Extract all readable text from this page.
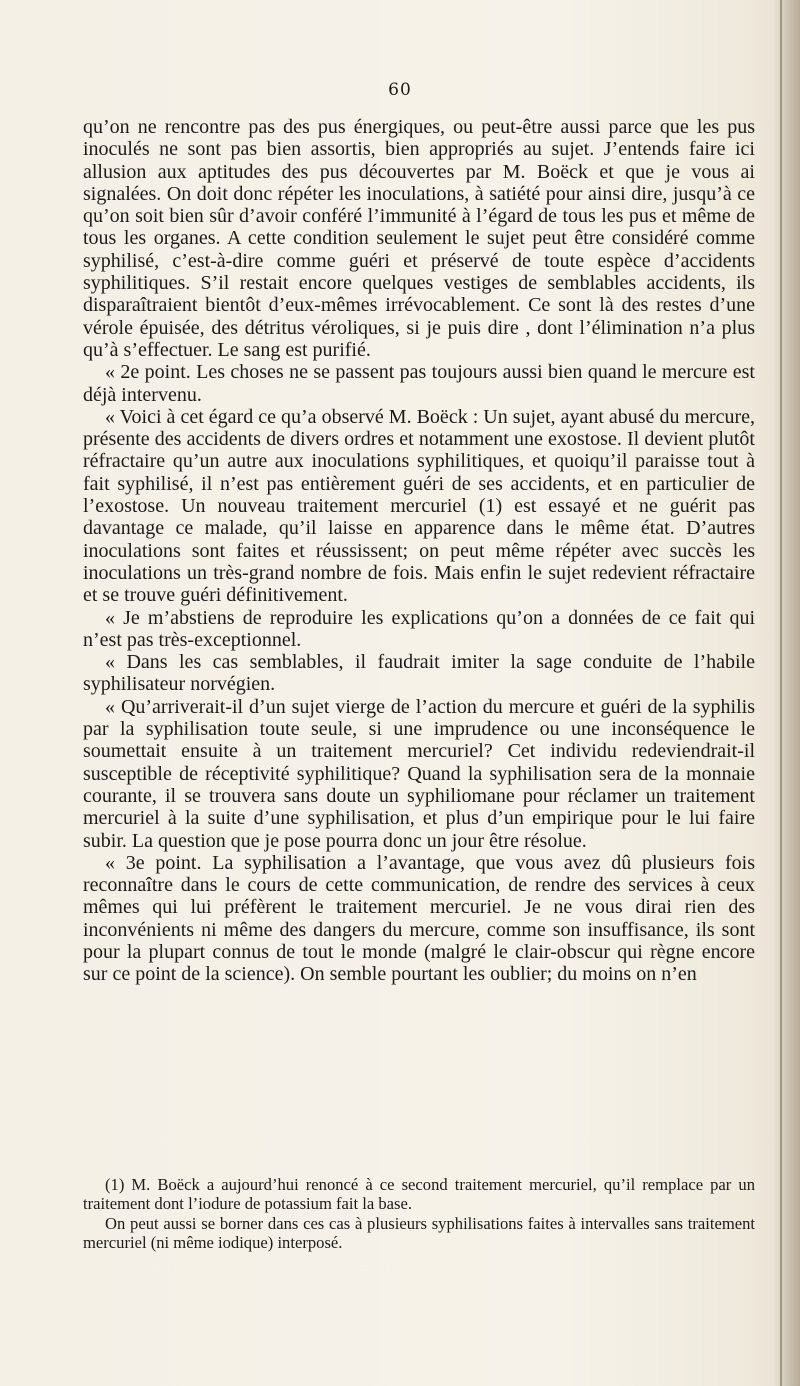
60

qu’on ne rencontre pas des pus énergiques, ou peut-être aussi parce que les pus inoculés ne sont pas bien assortis, bien appropriés au sujet. J’entends faire ici allusion aux aptitudes des pus découvertes par M. Boëck et que je vous ai signalées. On doit donc répéter les inoculations, à satiété pour ainsi dire, jusqu’à ce qu’on soit bien sûr d’avoir conféré l’immunité à l’égard de tous les pus et même de tous les organes. A cette condition seulement le sujet peut être considéré comme syphilisé, c’est-à-dire comme guéri et préservé de toute espèce d’accidents syphilitiques. S’il restait encore quelques vestiges de semblables accidents, ils disparaîtraient bientôt d’eux-mêmes irrévocablement. Ce sont là des restes d’une vérole épuisée, des détritus véroliques, si je puis dire , dont l’élimination n’a plus qu’à s’effectuer. Le sang est purifié.

« 2e point. Les choses ne se passent pas toujours aussi bien quand le mercure est déjà intervenu.

« Voici à cet égard ce qu’a observé M. Boëck : Un sujet, ayant abusé du mercure, présente des accidents de divers ordres et notamment une exostose. Il devient plutôt réfractaire qu’un autre aux inoculations syphilitiques, et quoiqu’il paraisse tout à fait syphilisé, il n’est pas entièrement guéri de ses accidents, et en particulier de l’exostose. Un nouveau traitement mercuriel (1) est essayé et ne guérit pas davantage ce malade, qu’il laisse en apparence dans le même état. D’autres inoculations sont faites et réussissent; on peut même répéter avec succès les inoculations un très-grand nombre de fois. Mais enfin le sujet redevient réfractaire et se trouve guéri définitivement.

« Je m’abstiens de reproduire les explications qu’on a données de ce fait qui n’est pas très-exceptionnel.

« Dans les cas semblables, il faudrait imiter la sage conduite de l’habile syphilisateur norvégien.

« Qu’arriverait-il d’un sujet vierge de l’action du mercure et guéri de la syphilis par la syphilisation toute seule, si une imprudence ou une inconséquence le soumettait ensuite à un traitement mercuriel? Cet individu redeviendrait-il susceptible de réceptivité syphilitique? Quand la syphilisation sera de la monnaie courante, il se trouvera sans doute un syphiliomane pour réclamer un traitement mercuriel à la suite d’une syphilisation, et plus d’un empirique pour le lui faire subir. La question que je pose pourra donc un jour être résolue.

« 3e point. La syphilisation a l’avantage, que vous avez dû plusieurs fois reconnaître dans le cours de cette communication, de rendre des services à ceux mêmes qui lui préfèrent le traitement mercuriel. Je ne vous dirai rien des inconvénients ni même des dangers du mercure, comme son insuffisance, ils sont pour la plupart connus de tout le monde (malgré le clair-obscur qui règne encore sur ce point de la science). On semble pourtant les oublier; du moins on n’en

(1) M. Boëck a aujourd’hui renoncé à ce second traitement mercuriel, qu’il remplace par un traitement dont l’iodure de potassium fait la base.

On peut aussi se borner dans ces cas à plusieurs syphilisations faites à intervalles sans traitement mercuriel (ni même iodique) interposé.
